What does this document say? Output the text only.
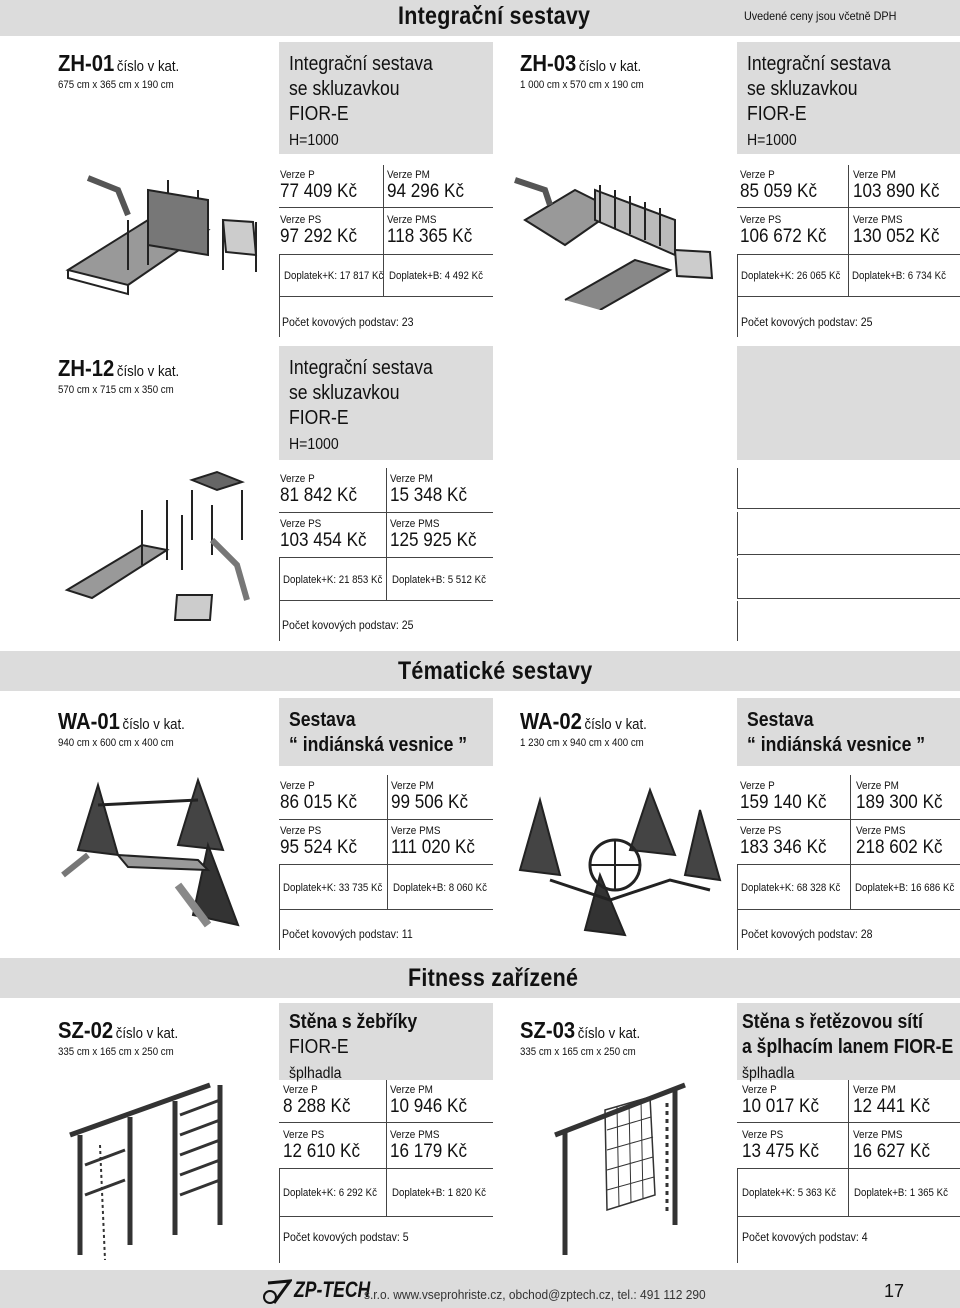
Integrační sestavy	Uvedené ceny jsou včetně DPH
ZH-01 číslo v kat.
675 cm x 365 cm x 190 cm
Integrační sestava
se skluzavkou
FIOR-E
H=1000
Verze P
77 409 Kč
Verze PM
94 296 Kč
Verze PS
97 292 Kč
Verze PMS
118 365 Kč
Doplatek+K: 17 817 Kč Doplatek+B: 4 492 Kč
Počet kovových podstav: 23
ZH-03 číslo v kat.
1 000 cm x 570 cm x 190 cm
Integrační sestava
se skluzavkou
FIOR-E
H=1000
Verze P
85 059 Kč
Verze PM
103 890 Kč
Verze PS
106 672 Kč
Verze PMS
130 052 Kč
Doplatek+K: 26 065 Kč Doplatek+B: 6 734 Kč
Počet kovových podstav: 25
ZH-12 číslo v kat.
570 cm x 715 cm x 350 cm
Integrační sestava
se skluzavkou
FIOR-E
H=1000
Verze P
81 842 Kč
Verze PM
15 348 Kč
Verze PS
103 454 Kč
Verze PMS
125 925 Kč
Doplatek+K: 21 853 Kč Doplatek+B: 5 512 Kč
Počet kovových podstav: 25
Tématické sestavy
WA-01 číslo v kat.
940 cm x 600 cm x 400 cm
Sestava
“ indiánská vesnice ”
Verze P
86 015 Kč
Verze PM
99 506 Kč
Verze PS
95 524 Kč
Verze PMS
111 020 Kč
Doplatek+K: 33 735 Kč Doplatek+B: 8 060 Kč
Počet kovových podstav: 11
WA-02 číslo v kat.
1 230 cm x 940 cm x 400 cm
Sestava
“ indiánská vesnice ”
Verze P
159 140 Kč
Verze PM
189 300 Kč
Verze PS
183 346 Kč
Verze PMS
218 602 Kč
Doplatek+K: 68 328 Kč Doplatek+B: 16 686 Kč
Počet kovových podstav: 28
Fitness zařízené
SZ-02 číslo v kat.
335 cm x 165 cm x 250 cm
Stěna s žebříky
FIOR-E
šplhadla
Verze P
8 288 Kč
Verze PM
10 946 Kč
Verze PS
12 610 Kč
Verze PMS
16 179 Kč
Doplatek+K: 6 292 Kč Doplatek+B: 1 820 Kč
Počet kovových podstav: 5
SZ-03 číslo v kat.
335 cm x 165 cm x 250 cm
Stěna s řetězovou sítí
a šplhacím lanem FIOR-E
šplhadla
Verze P
10 017 Kč
Verze PM
12 441 Kč
Verze PS
13 475 Kč
Verze PMS
16 627 Kč
Doplatek+K: 5 363 Kč Doplatek+B: 1 365 Kč
Počet kovových podstav: 4
ZP-TECH
s.r.o. www.vseprohriste.cz, obchod@zptech.cz, tel.: 491 112 290	17
